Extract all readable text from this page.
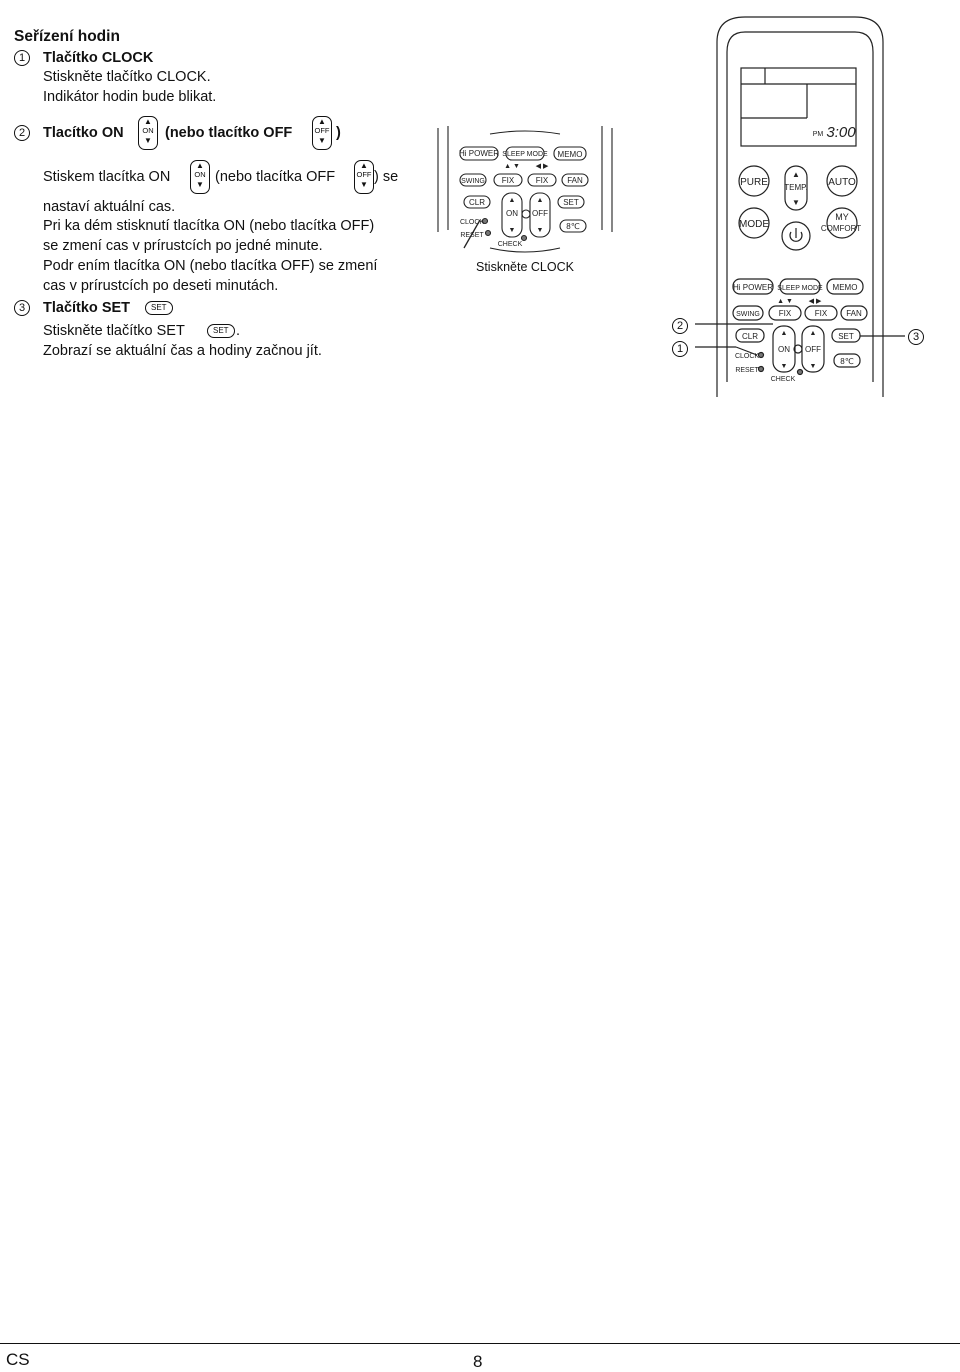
Seřízení hodin
1	Tlačítko CLOCK
Stiskněte tlačítko CLOCK.
Indikátor hodin bude blikat.
2	Tlacítko ON
▲
ON
▼ (nebo tlacítko OFF
▲
OFF
▼ )
Stiskem tlacítka ON
▲
ON
▼ (nebo tlacítka OFF
▲
OFF
▼ ) se
nastaví aktuální cas.
Pri ka dém stisknutí tlacítka ON (nebo tlacítka OFF)
se zmení cas v prírustcích po jedné minute.
Podr ením tlacítka ON (nebo tlacítka OFF) se zmení
cas v prírustcích po deseti minutách.
3	Tlačítko SET	SET
Stiskněte tlačítko SET	SET .
Zobrazí se aktuální čas a hodiny začnou jít.
Hi POWER SLEEP MODE MEMO
▲ ▼ ◀ ▶
SWING FIX	FIX FAN
CLR	SET
▲
ON
▼
▲
OFF
▼	8℃
CLOCK
RESET
CHECK
Stiskněte CLOCK
PM 3:00
PURE
▲
TEMP.
▼
AUTO
MODE
MY
COMFORT
Hi POWER SLEEP MODE MEMO
▲ ▼ ◀ ▶
SWING FIX	FIX FAN
CLR	SET
▲
ON
▼
▲
OFF
▼
8℃
CLOCK
RESET
CHECK
2
1
3
CS	8
